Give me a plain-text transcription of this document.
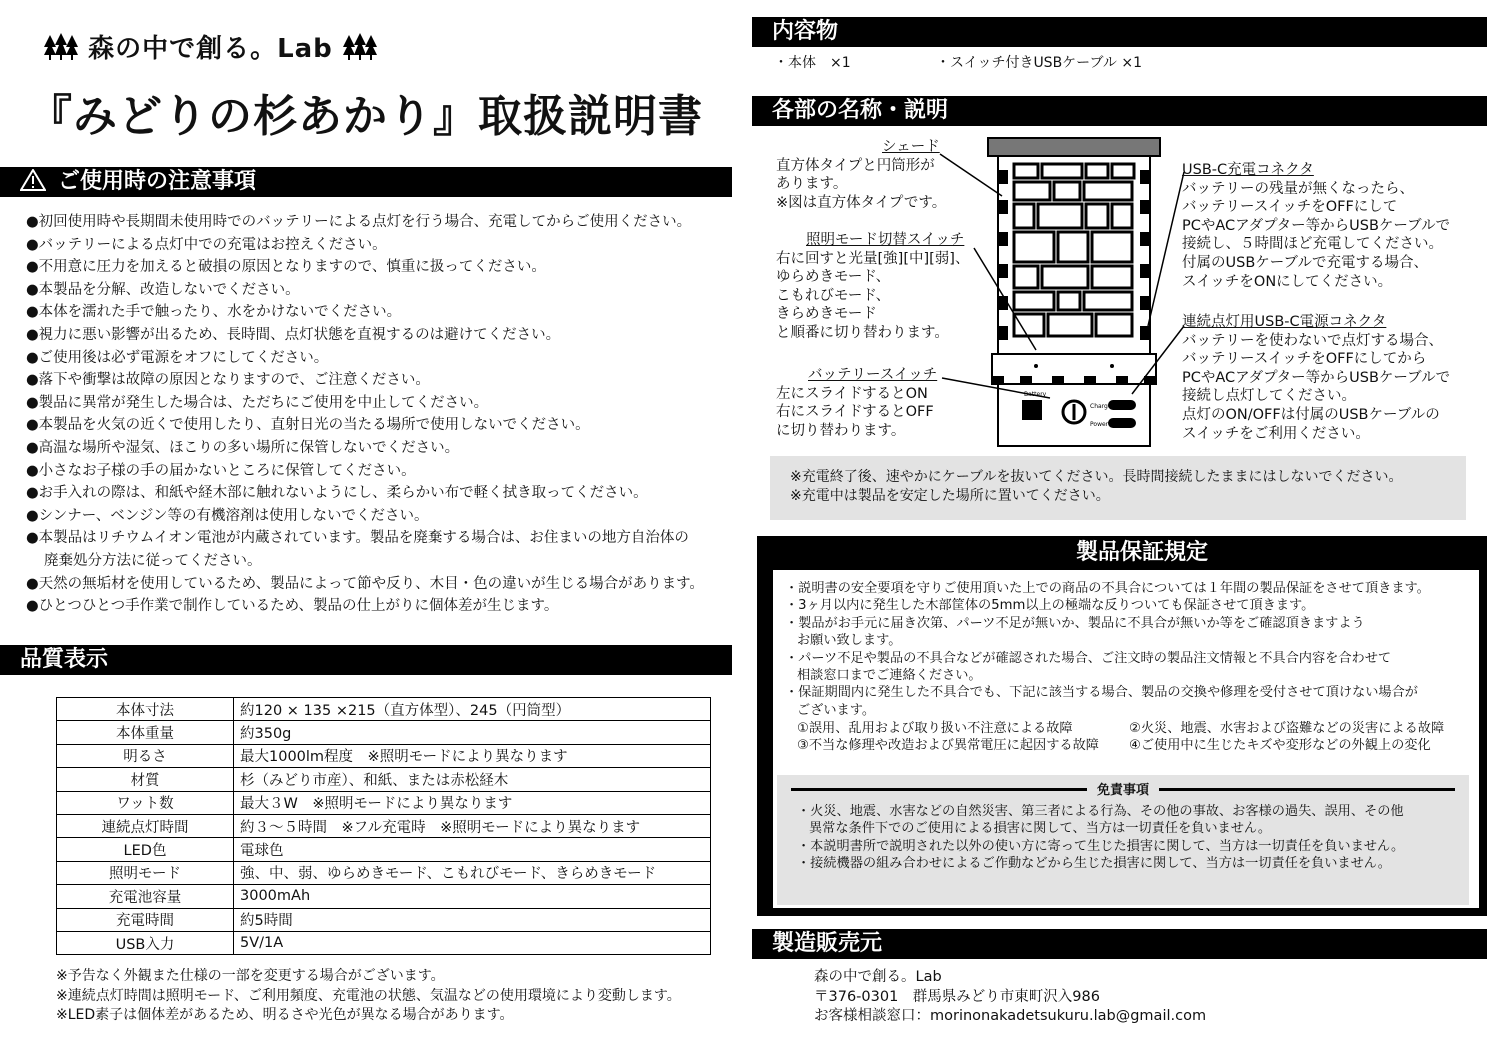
森の中で創る。Lab
『みどりの杉あかり』取扱説明書
ご使用時の注意事項
●初回使用時や長期間未使用時でのバッテリーによる点灯を行う場合、充電してからご使用ください。
●バッテリーによる点灯中での充電はお控えください。
●不用意に圧力を加えると破損の原因となりますので、慎重に扱ってください。
●本製品を分解、改造しないでください。
●本体を濡れた手で触ったり、水をかけないでください。
●視力に悪い影響が出るため、長時間、点灯状態を直視するのは避けてください。
●ご使用後は必ず電源をオフにしてください。
●落下や衝撃は故障の原因となりますので、ご注意ください。
●製品に異常が発生した場合は、ただちにご使用を中止してください。
●本製品を火気の近くで使用したり、直射日光の当たる場所で使用しないでください。
●高温な場所や湿気、ほこりの多い場所に保管しないでください。
●小さなお子様の手の届かないところに保管してください。
●お手入れの際は、和紙や経木部に触れないようにし、柔らかい布で軽く拭き取ってください。
●シンナー、ベンジン等の有機溶剤は使用しないでください。
●本製品はリチウムイオン電池が内蔵されています。製品を廃棄する場合は、お住まいの地方自治体の
廃棄処分方法に従ってください。
●天然の無垢材を使用しているため、製品によって節や反り、木目・色の違いが生じる場合があります。
●ひとつひとつ手作業で制作しているため、製品の仕上がりに個体差が生じます。
品質表示
本体寸法	約120 × 135 ×215（直方体型）、245（円筒型）
本体重量	約350g
明るさ	最大1000lm程度　※照明モードにより異なります
材質	杉（みどり市産）、和紙、または赤松経木
ワット数	最大３W　※照明モードにより異なります
連続点灯時間	約３～５時間　※フル充電時　※照明モードにより異なります
LED色	電球色
照明モード	強、中、弱、ゆらめきモード、こもれびモード、きらめきモード
充電池容量	3000mAh
充電時間	約5時間
USB入力	5V/1A
※予告なく外観また仕様の一部を変更する場合がございます。
※連続点灯時間は照明モード、ご利用頻度、充電池の状態、気温などの使用環境により変動します。
※LED素子は個体差があるため、明るさや光色が異なる場合があります。
内容物
・本体　×1	・スイッチ付きUSBケーブル ×1
各部の名称・説明
Battery
Charge
Power
シェード
直方体タイプと円筒形が
あります。
※図は直方体タイプです。
照明モード切替スイッチ
右に回すと光量[強][中][弱]、
ゆらめきモード、
こもれびモード、
きらめきモード
と順番に切り替わります。
バッテリースイッチ
左にスライドするとON
右にスライドするとOFF
に切り替わります。
USB-C充電コネクタ
バッテリーの残量が無くなったら、
バッテリースイッチをOFFにして
PCやACアダプター等からUSBケーブルで
接続し、５時間ほど充電してください。
付属のUSBケーブルで充電する場合、
スイッチをONにしてください。
連続点灯用USB-C電源コネクタ
バッテリーを使わないで点灯する場合、
バッテリースイッチをOFFにしてから
PCやACアダプター等からUSBケーブルで
接続し点灯してください。
点灯のON/OFFは付属のUSBケーブルの
スイッチをご利用ください。
※充電終了後、速やかにケーブルを抜いてください。長時間接続したままにはしないでください。
※充電中は製品を安定した場所に置いてください。
製品保証規定
・説明書の安全要項を守りご使用頂いた上での商品の不具合については１年間の製品保証をさせて頂きます。
・3ヶ月以内に発生した木部筐体の5mm以上の極端な反りついても保証させて頂きます。
・製品がお手元に届き次第、パーツ不足が無いか、製品に不具合が無いか等をご確認頂きますよう
お願い致します。
・パーツ不足や製品の不具合などが確認された場合、ご注文時の製品注文情報と不具合内容を合わせて
相談窓口までご連絡ください。
・保証期間内に発生した不具合でも、下記に該当する場合、製品の交換や修理を受付させて頂けない場合が
ございます。
①誤用、乱用および取り扱い不注意による故障	②火災、地震、水害および盗難などの災害による故障
③不当な修理や改造および異常電圧に起因する故障 ④ご使用中に生じたキズや変形などの外観上の変化
免責事項
・火災、地震、水害などの自然災害、第三者による行為、その他の事故、お客様の過失、誤用、その他
異常な条件下でのご使用による損害に関して、当方は一切責任を負いません。
・本説明書所で説明された以外の使い方に寄って生じた損害に関して、当方は一切責任を負いません。
・接続機器の組み合わせによるご作動などから生じた損害に関して、当方は一切責任を負いません。
製造販売元
森の中で創る。Lab
〒376-0301　群馬県みどり市東町沢入986
お客様相談窓口：morinonakadetsukuru.lab@gmail.com
